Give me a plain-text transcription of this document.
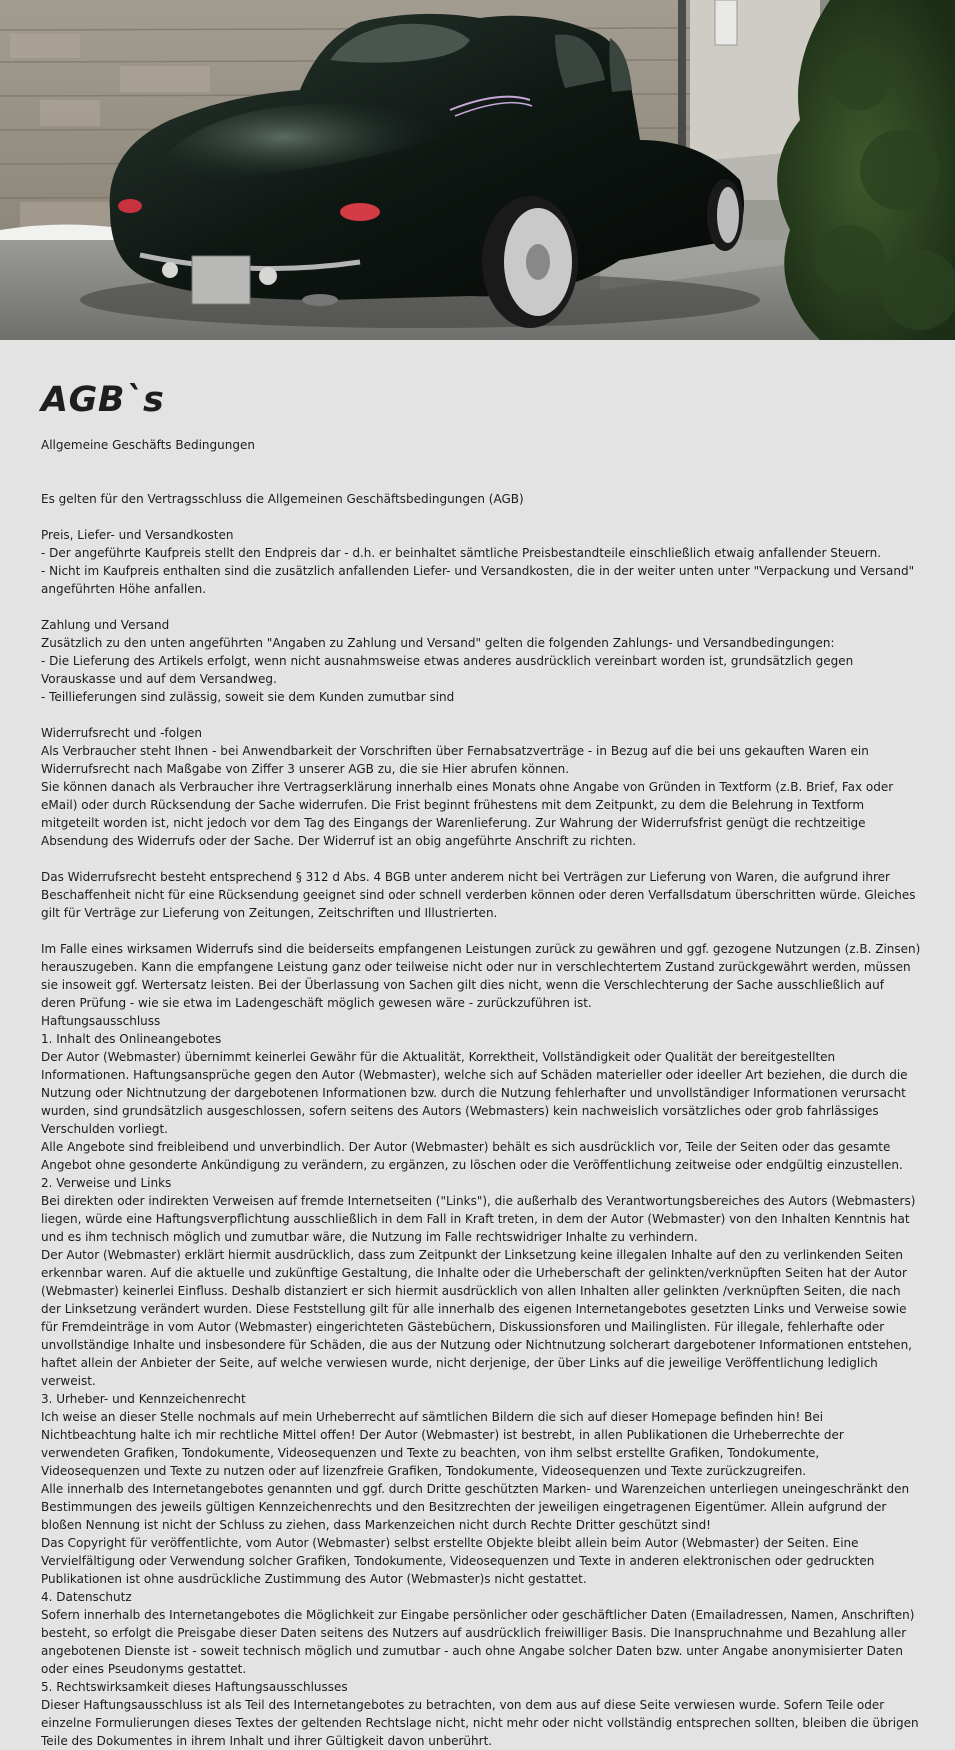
AGB`s
Allgemeine Geschäfts Bedingungen

Es gelten für den Vertragsschluss die Allgemeinen Geschäftsbedingungen (AGB)

Preis, Liefer- und Versandkosten

- Der angeführte Kaufpreis stellt den Endpreis dar - d.h. er beinhaltet sämtliche Preisbestandteile einschließlich etwaig anfallender Steuern.

- Nicht im Kaufpreis enthalten sind die zusätzlich anfallenden Liefer- und Versandkosten, die in der weiter unten unter "Verpackung und Versand" angeführten Höhe anfallen.

Zahlung und Versand

Zusätzlich zu den unten angeführten "Angaben zu Zahlung und Versand" gelten die folgenden Zahlungs- und Versandbedingungen:

- Die Lieferung des Artikels erfolgt, wenn nicht ausnahmsweise etwas anderes ausdrücklich vereinbart worden ist, grundsätzlich gegen Vorauskasse und auf dem Versandweg.

- Teillieferungen sind zulässig, soweit sie dem Kunden zumutbar sind

Widerrufsrecht und -folgen

Als Verbraucher steht Ihnen - bei Anwendbarkeit der Vorschriften über Fernabsatzverträge - in Bezug auf die bei uns gekauften Waren ein Widerrufsrecht nach Maßgabe von Ziffer 3 unserer AGB zu, die sie Hier abrufen können.

Sie können danach als Verbraucher ihre Vertragserklärung innerhalb eines Monats ohne Angabe von Gründen in Textform (z.B. Brief, Fax oder eMail) oder durch Rücksendung der Sache widerrufen. Die Frist beginnt frühestens mit dem Zeitpunkt, zu dem die Belehrung in Textform mitgeteilt worden ist, nicht jedoch vor dem Tag des Eingangs der Warenlieferung. Zur Wahrung der Widerrufsfrist genügt die rechtzeitige Absendung des Widerrufs oder der Sache. Der Widerruf ist an obig angeführte Anschrift zu richten.

Das Widerrufsrecht besteht entsprechend § 312 d Abs. 4 BGB unter anderem nicht bei Verträgen zur Lieferung von Waren, die aufgrund ihrer Beschaffenheit nicht für eine Rücksendung geeignet sind oder schnell verderben können oder deren Verfallsdatum überschritten würde. Gleiches gilt für Verträge zur Lieferung von Zeitungen, Zeitschriften und Illustrierten.

Im Falle eines wirksamen Widerrufs sind die beiderseits empfangenen Leistungen zurück zu gewähren und ggf. gezogene Nutzungen (z.B. Zinsen) herauszugeben. Kann die empfangene Leistung ganz oder teilweise nicht oder nur in verschlechtertem Zustand zurückgewährt werden, müssen sie insoweit ggf. Wertersatz leisten. Bei der Überlassung von Sachen gilt dies nicht, wenn die Verschlechterung der Sache ausschließlich auf deren Prüfung - wie sie etwa im Ladengeschäft möglich gewesen wäre - zurückzuführen ist.

Haftungsausschluss

1. Inhalt des Onlineangebotes

Der Autor (Webmaster) übernimmt keinerlei Gewähr für die Aktualität, Korrektheit, Vollständigkeit oder Qualität der bereitgestellten Informationen. Haftungsansprüche gegen den Autor (Webmaster), welche sich auf Schäden materieller oder ideeller Art beziehen, die durch die Nutzung oder Nichtnutzung der dargebotenen Informationen bzw. durch die Nutzung fehlerhafter und unvollständiger Informationen verursacht wurden, sind grundsätzlich ausgeschlossen, sofern seitens des Autors (Webmasters) kein nachweislich vorsätzliches oder grob fahrlässiges Verschulden vorliegt.

Alle Angebote sind freibleibend und unverbindlich. Der Autor (Webmaster) behält es sich ausdrücklich vor, Teile der Seiten oder das gesamte Angebot ohne gesonderte Ankündigung zu verändern, zu ergänzen, zu löschen oder die Veröffentlichung zeitweise oder endgültig einzustellen.

2. Verweise und Links

Bei direkten oder indirekten Verweisen auf fremde Internetseiten ("Links"), die außerhalb des Verantwortungsbereiches des Autors (Webmasters) liegen, würde eine Haftungsverpflichtung ausschließlich in dem Fall in Kraft treten, in dem der Autor (Webmaster) von den Inhalten Kenntnis hat und es ihm technisch möglich und zumutbar wäre, die Nutzung im Falle rechtswidriger Inhalte zu verhindern.

Der Autor (Webmaster) erklärt hiermit ausdrücklich, dass zum Zeitpunkt der Linksetzung keine illegalen Inhalte auf den zu verlinkenden Seiten erkennbar waren. Auf die aktuelle und zukünftige Gestaltung, die Inhalte oder die Urheberschaft der gelinkten/verknüpften Seiten hat der Autor (Webmaster) keinerlei Einfluss. Deshalb distanziert er sich hiermit ausdrücklich von allen Inhalten aller gelinkten /verknüpften Seiten, die nach der Linksetzung verändert wurden. Diese Feststellung gilt für alle innerhalb des eigenen Internetangebotes gesetzten Links und Verweise sowie für Fremdeinträge in vom Autor (Webmaster) eingerichteten Gästebüchern, Diskussionsforen und Mailinglisten. Für illegale, fehlerhafte oder unvollständige Inhalte und insbesondere für Schäden, die aus der Nutzung oder Nichtnutzung solcherart dargebotener Informationen entstehen, haftet allein der Anbieter der Seite, auf welche verwiesen wurde, nicht derjenige, der über Links auf die jeweilige Veröffentlichung lediglich verweist.

3. Urheber- und Kennzeichenrecht

Ich weise an dieser Stelle nochmals auf mein Urheberrecht auf sämtlichen Bildern die sich auf dieser Homepage befinden hin! Bei Nichtbeachtung halte ich mir rechtliche Mittel offen! Der Autor (Webmaster) ist bestrebt, in allen Publikationen die Urheberrechte der verwendeten Grafiken, Tondokumente, Videosequenzen und Texte zu beachten, von ihm selbst erstellte Grafiken, Tondokumente, Videosequenzen und Texte zu nutzen oder auf lizenzfreie Grafiken, Tondokumente, Videosequenzen und Texte zurückzugreifen.

Alle innerhalb des Internetangebotes genannten und ggf. durch Dritte geschützten Marken- und Warenzeichen unterliegen uneingeschränkt den Bestimmungen des jeweils gültigen Kennzeichenrechts und den Besitzrechten der jeweiligen eingetragenen Eigentümer. Allein aufgrund der bloßen Nennung ist nicht der Schluss zu ziehen, dass Markenzeichen nicht durch Rechte Dritter geschützt sind!

Das Copyright für veröffentlichte, vom Autor (Webmaster) selbst erstellte Objekte bleibt allein beim Autor (Webmaster) der Seiten. Eine Vervielfältigung oder Verwendung solcher Grafiken, Tondokumente, Videosequenzen und Texte in anderen elektronischen oder gedruckten Publikationen ist ohne ausdrückliche Zustimmung des Autor (Webmaster)s nicht gestattet.

4. Datenschutz

Sofern innerhalb des Internetangebotes die Möglichkeit zur Eingabe persönlicher oder geschäftlicher Daten (Emailadressen, Namen, Anschriften) besteht, so erfolgt die Preisgabe dieser Daten seitens des Nutzers auf ausdrücklich freiwilliger Basis. Die Inanspruchnahme und Bezahlung aller angebotenen Dienste ist - soweit technisch möglich und zumutbar - auch ohne Angabe solcher Daten bzw. unter Angabe anonymisierter Daten oder eines Pseudonyms gestattet.

5. Rechtswirksamkeit dieses Haftungsausschlusses

Dieser Haftungsausschluss ist als Teil des Internetangebotes zu betrachten, von dem aus auf diese Seite verwiesen wurde. Sofern Teile oder einzelne Formulierungen dieses Textes der geltenden Rechtslage nicht, nicht mehr oder nicht vollständig entsprechen sollten, bleiben die übrigen Teile des Dokumentes in ihrem Inhalt und ihrer Gültigkeit davon unberührt.
